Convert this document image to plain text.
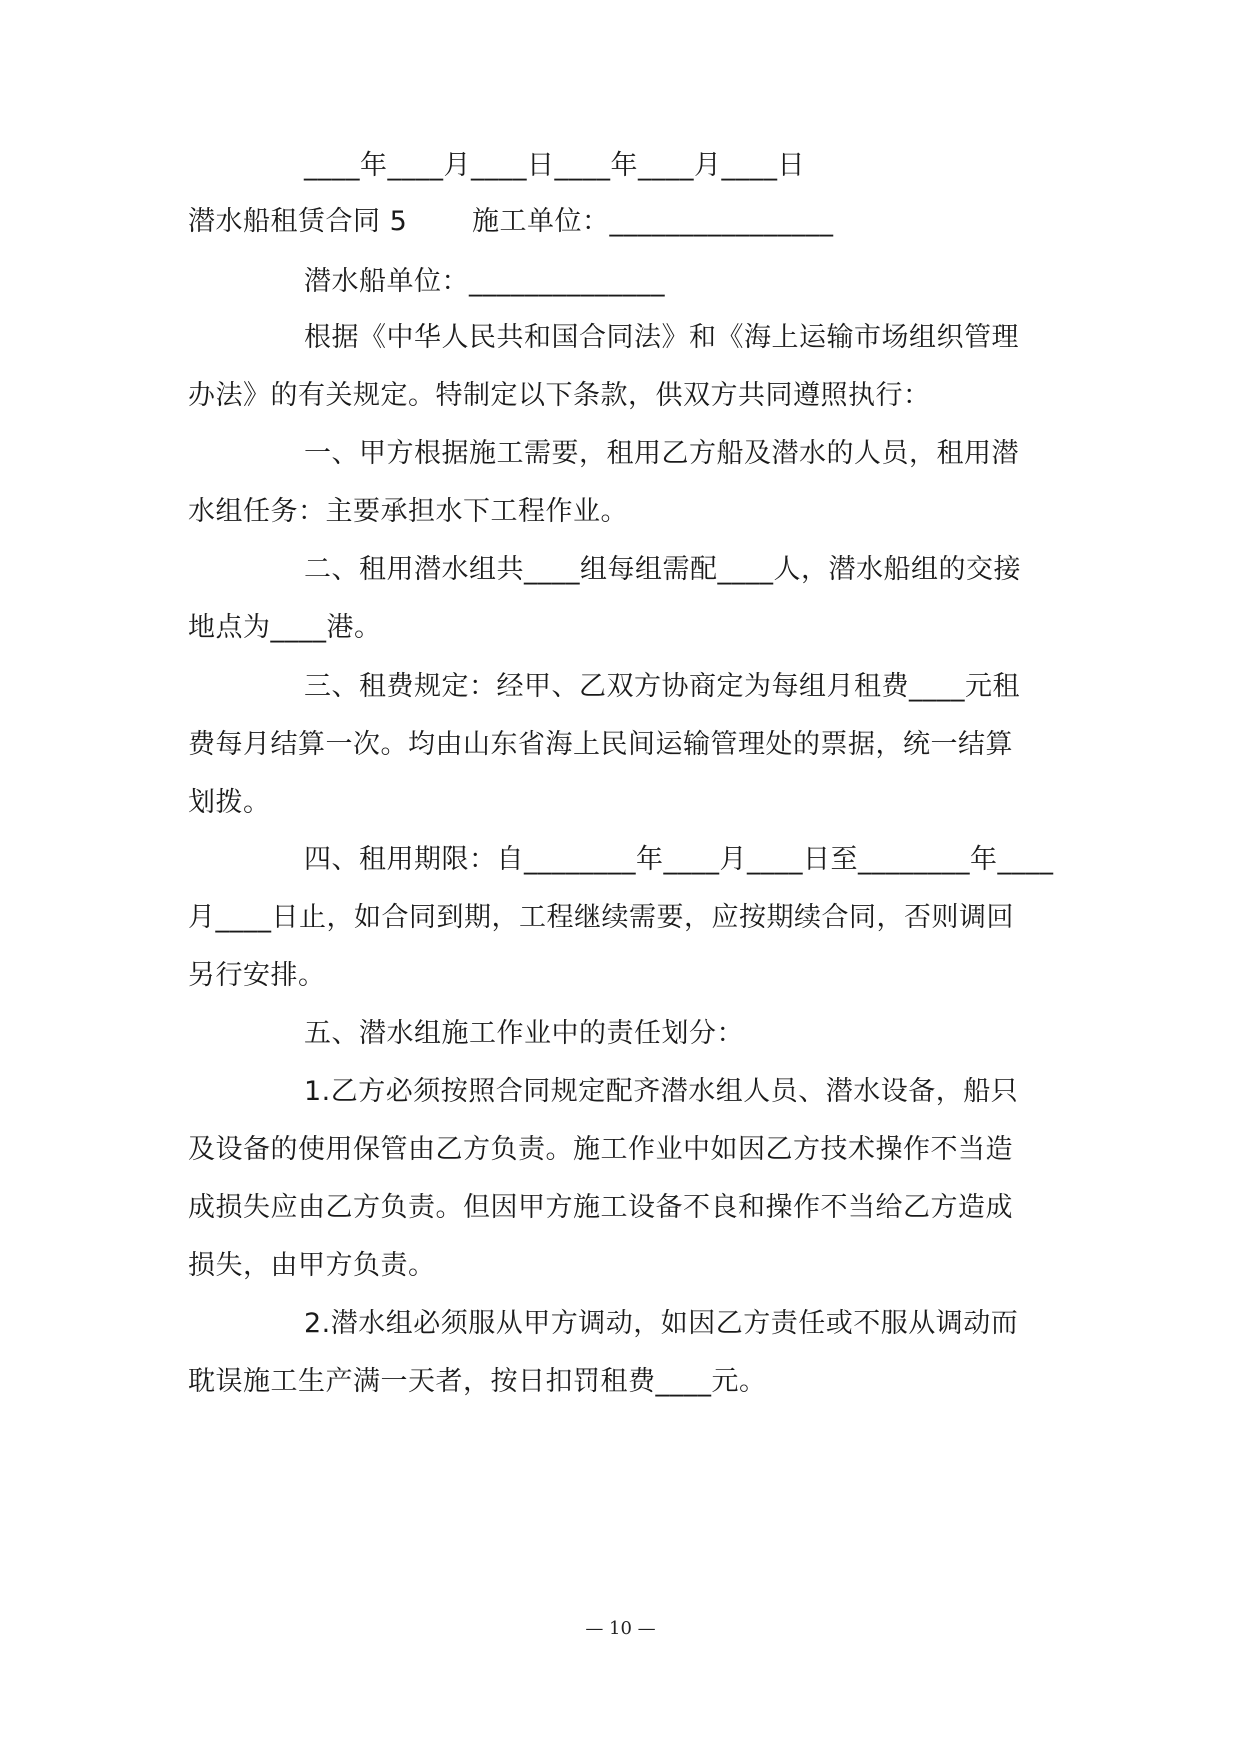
____年____月____日____年____月____日
潜水船租赁合同 5 施工单位：________________
潜水船单位：______________
根据《中华人民共和国合同法》和《海上运输市场组织管理
办法》的有关规定。特制定以下条款，供双方共同遵照执行：
一、甲方根据施工需要，租用乙方船及潜水的人员，租用潜
水组任务：主要承担水下工程作业。
二、租用潜水组共____组每组需配____人，潜水船组的交接
地点为____港。
三、租费规定：经甲、乙双方协商定为每组月租费____元租
费每月结算一次。均由山东省海上民间运输管理处的票据，统一结算
划拨。
四、租用期限：自________年____月____日至________年____
月____日止，如合同到期，工程继续需要，应按期续合同，否则调回
另行安排。
五、潜水组施工作业中的责任划分：
1.乙方必须按照合同规定配齐潜水组人员、潜水设备，船只
及设备的使用保管由乙方负责。施工作业中如因乙方技术操作不当造
成损失应由乙方负责。但因甲方施工设备不良和操作不当给乙方造成
损失，由甲方负责。
2.潜水组必须服从甲方调动，如因乙方责任或不服从调动而
耽误施工生产满一天者，按日扣罚租费____元。
— 10 —
